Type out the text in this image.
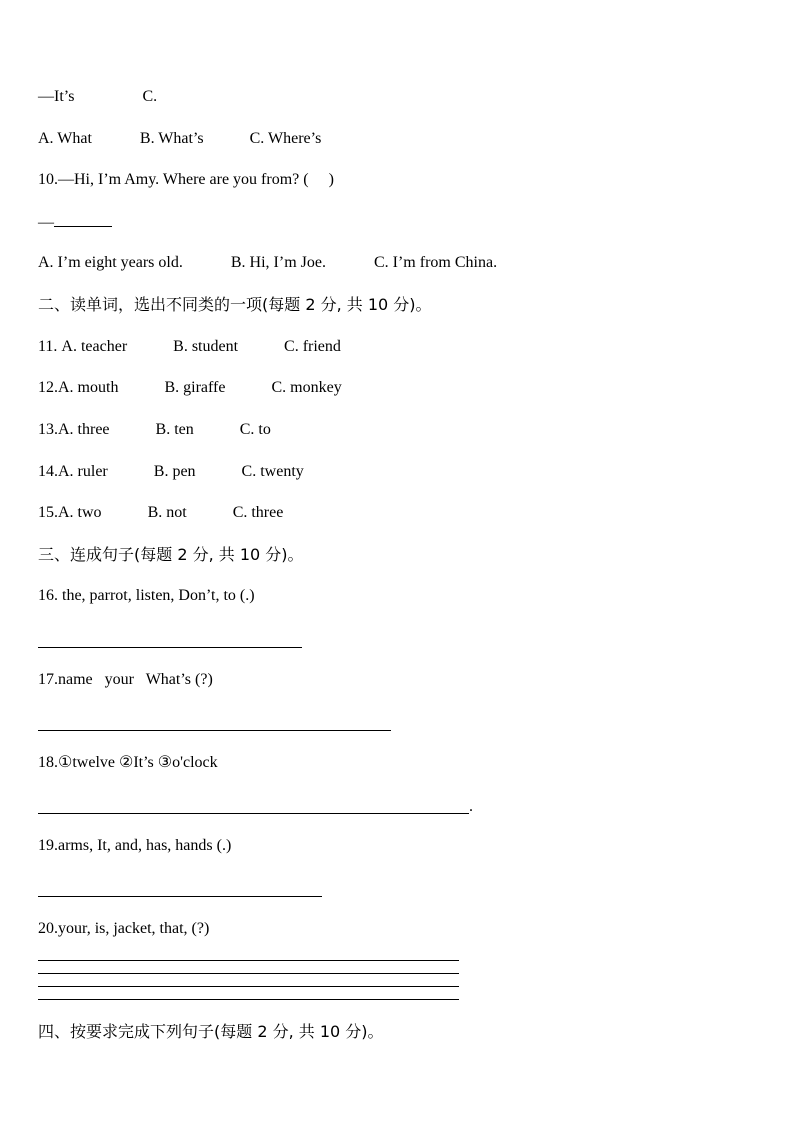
—It’s	C.
A. What	B. What’s	C. Where’s
10.—Hi, I’m Amy. Where are you from? ( )
—
A. I’m eight years old.	B. Hi, I’m Joe.	C. I’m from China.
二、读单词，选出不同类的一项(每题 2 分, 共 10 分)。
11. A. teacher	B. student	C. friend
12.A. mouth	B. giraffe	C. monkey
13.A. three	B. ten	C. to
14.A. ruler	B. pen	C. twenty
15.A. two	B. not	C. three
三、连成句子(每题 2 分, 共 10 分)。
16. the, parrot, listen, Don’t, to (.)
17.name   your   What’s (?)
18.①twelve ②It’s ③o'clock
.
19.arms, It, and, has, hands (.)
20.your, is, jacket, that, (?)
四、按要求完成下列句子(每题 2 分, 共 10 分)。
